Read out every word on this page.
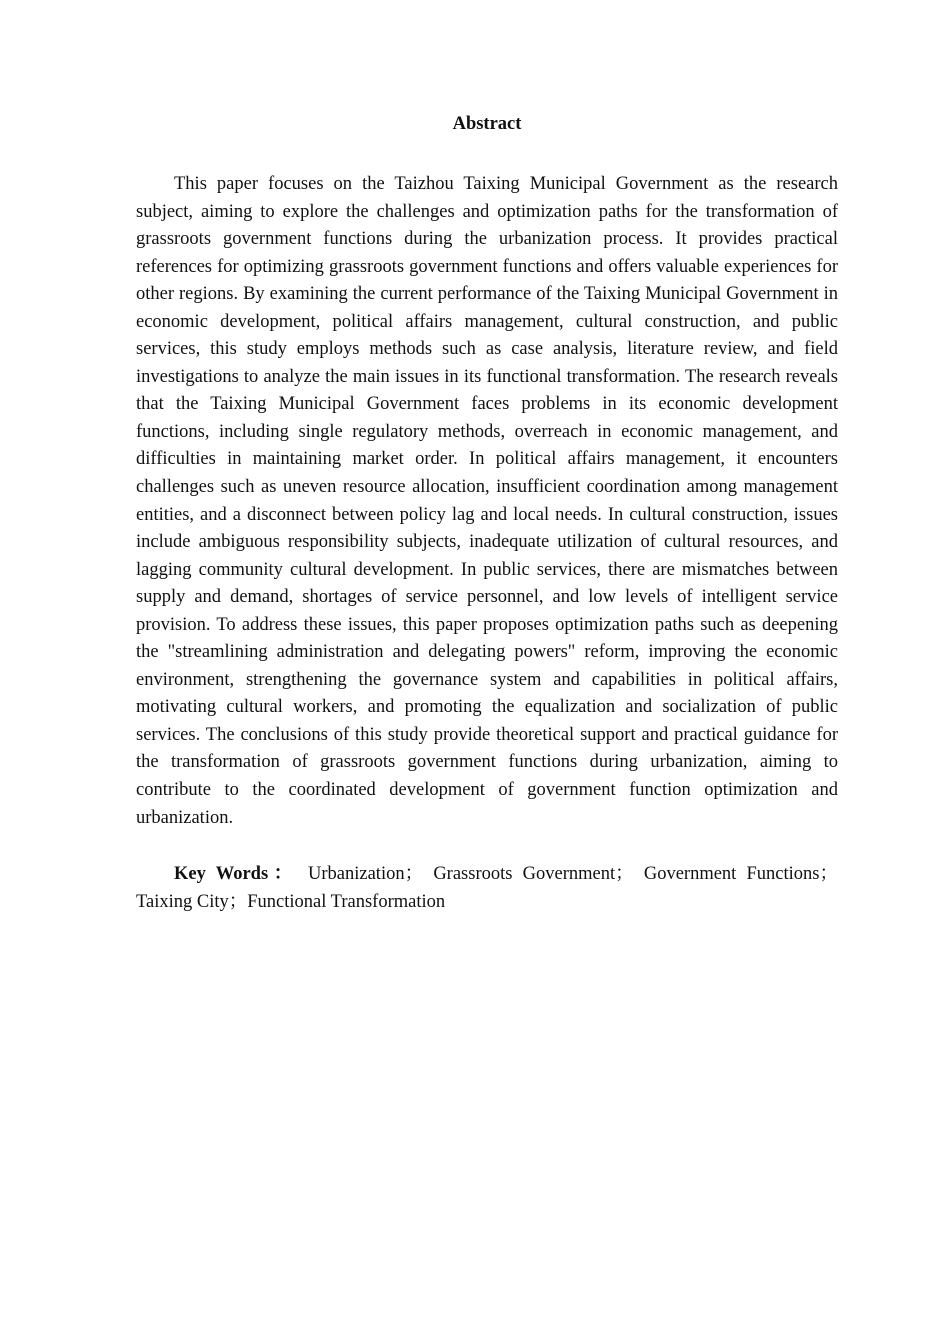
Abstract

This paper focuses on the Taizhou Taixing Municipal Government as the research subject, aiming to explore the challenges and optimization paths for the transformation of grassroots government functions during the urbanization process. It provides practical references for optimizing grassroots government functions and offers valuable experiences for other regions. By examining the current performance of the Taixing Municipal Government in economic development, political affairs management, cultural construction, and public services, this study employs methods such as case analysis, literature review, and field investigations to analyze the main issues in its functional transformation. The research reveals that the Taixing Municipal Government faces problems in its economic development functions, including single regulatory methods, overreach in economic management, and difficulties in maintaining market order. In political affairs management, it encounters challenges such as uneven resource allocation, insufficient coordination among management entities, and a disconnect between policy lag and local needs. In cultural construction, issues include ambiguous responsibility subjects, inadequate utilization of cultural resources, and lagging community cultural development. In public services, there are mismatches between supply and demand, shortages of service personnel, and low levels of intelligent service provision. To address these issues, this paper proposes optimization paths such as deepening the "streamlining administration and delegating powers" reform, improving the economic environment, strengthening the governance system and capabilities in political affairs, motivating cultural workers, and promoting the equalization and socialization of public services. The conclusions of this study provide theoretical support and practical guidance for the transformation of grassroots government functions during urbanization, aiming to contribute to the coordinated development of government function optimization and urbanization.

Key Words： Urbanization； Grassroots Government； Government Functions； Taixing City；Functional Transformation
